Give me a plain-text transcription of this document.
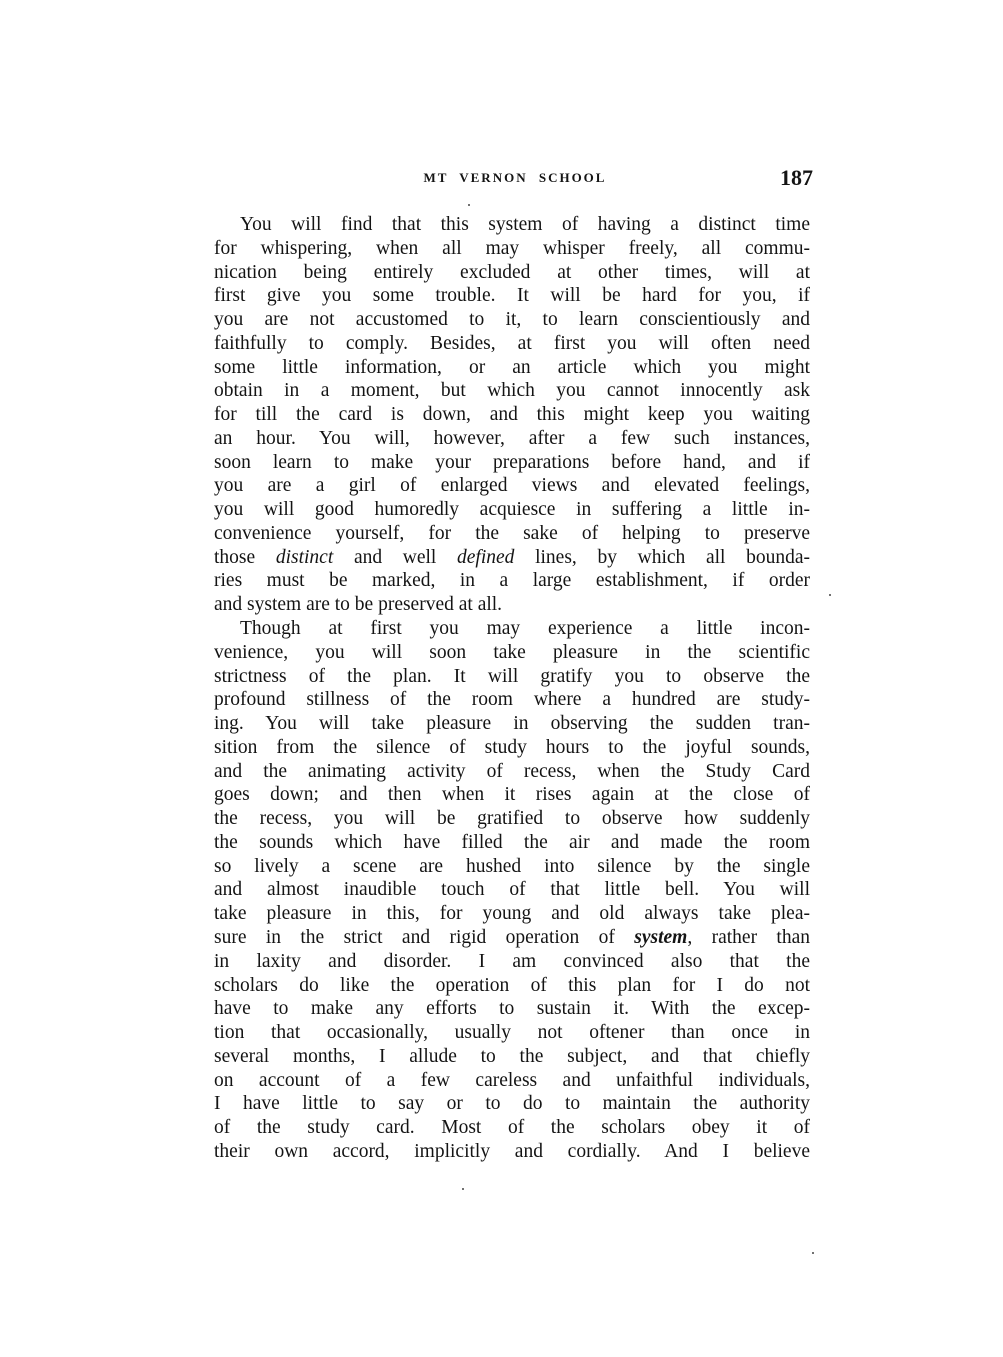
MT VERNON SCHOOL	187
You will find that this system of having a distinct time
for whispering, when all may whisper freely, all commu-
nication being entirely excluded at other times, will at
first give you some trouble. It will be hard for you, if
you are not accustomed to it, to learn conscientiously and
faithfully to comply. Besides, at first you will often need
some little information, or an article which you might
obtain in a moment, but which you cannot innocently ask
for till the card is down, and this might keep you waiting
an hour. You will, however, after a few such instances,
soon learn to make your preparations before hand, and if
you are a girl of enlarged views and elevated feelings,
you will good humoredly acquiesce in suffering a little in-
convenience yourself, for the sake of helping to preserve
those distinct and well defined lines, by which all bounda-
ries must be marked, in a large establishment, if order
and system are to be preserved at all.
Though at first you may experience a little incon-
venience, you will soon take pleasure in the scientific
strictness of the plan. It will gratify you to observe the
profound stillness of the room where a hundred are study-
ing. You will take pleasure in observing the sudden tran-
sition from the silence of study hours to the joyful sounds,
and the animating activity of recess, when the Study Card
goes down; and then when it rises again at the close of
the recess, you will be gratified to observe how suddenly
the sounds which have filled the air and made the room
so lively a scene are hushed into silence by the single
and almost inaudible touch of that little bell. You will
take pleasure in this, for young and old always take plea-
sure in the strict and rigid operation of system, rather than
in laxity and disorder. I am convinced also that the
scholars do like the operation of this plan for I do not
have to make any efforts to sustain it. With the excep-
tion that occasionally, usually not oftener than once in
several months, I allude to the subject, and that chiefly
on account of a few careless and unfaithful individuals,
I have little to say or to do to maintain the authority
of the study card. Most of the scholars obey it of
their own accord, implicitly and cordially. And I believe
